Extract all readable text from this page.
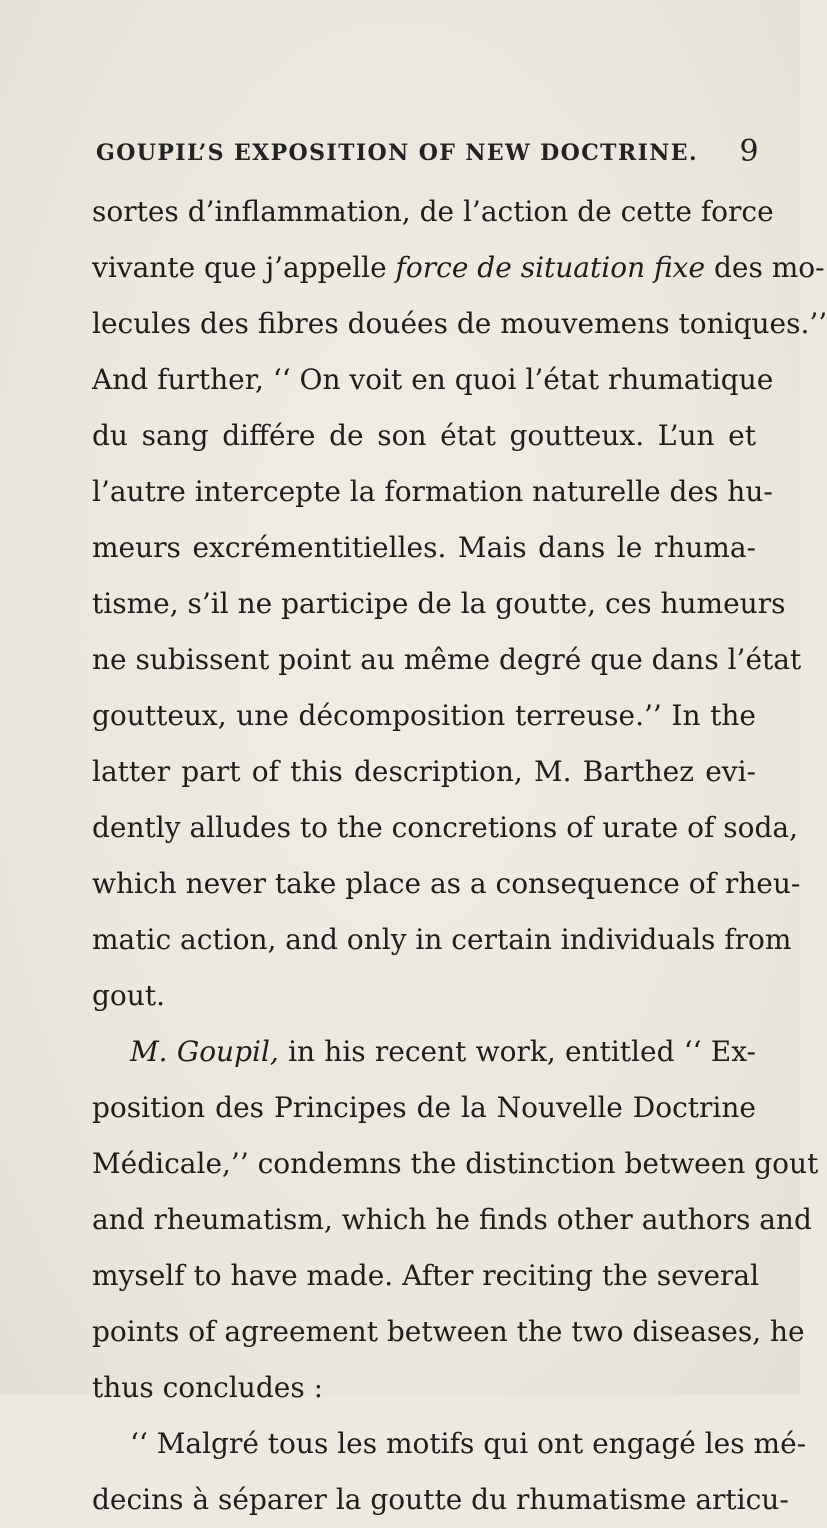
GOUPIL’S EXPOSITION OF NEW DOCTRINE. 9
sortes d’inflammation, de l’action de cette force
vivante que j’appelle force de situation fixe des mo-
lecules des fibres douées de mouvemens toniques.’’
And further, ‘‘ On voit en quoi l’état rhumatique
du sang différe de son état goutteux. L’un et
l’autre intercepte la formation naturelle des hu-
meurs excrémentitielles. Mais dans le rhuma-
tisme, s’il ne participe de la goutte, ces humeurs
ne subissent point au même degré que dans l’état
goutteux, une décomposition terreuse.’’ In the
latter part of this description, M. Barthez evi-
dently alludes to the concretions of urate of soda,
which never take place as a consequence of rheu-
matic action, and only in certain individuals from
gout.
M. Goupil, in his recent work, entitled ‘‘ Ex-
position des Principes de la Nouvelle Doctrine
Médicale,’’ condemns the distinction between gout
and rheumatism, which he finds other authors and
myself to have made. After reciting the several
points of agreement between the two diseases, he
thus concludes :
‘‘ Malgré tous les motifs qui ont engagé les mé-
decins à séparer la goutte du rhumatisme articu-
